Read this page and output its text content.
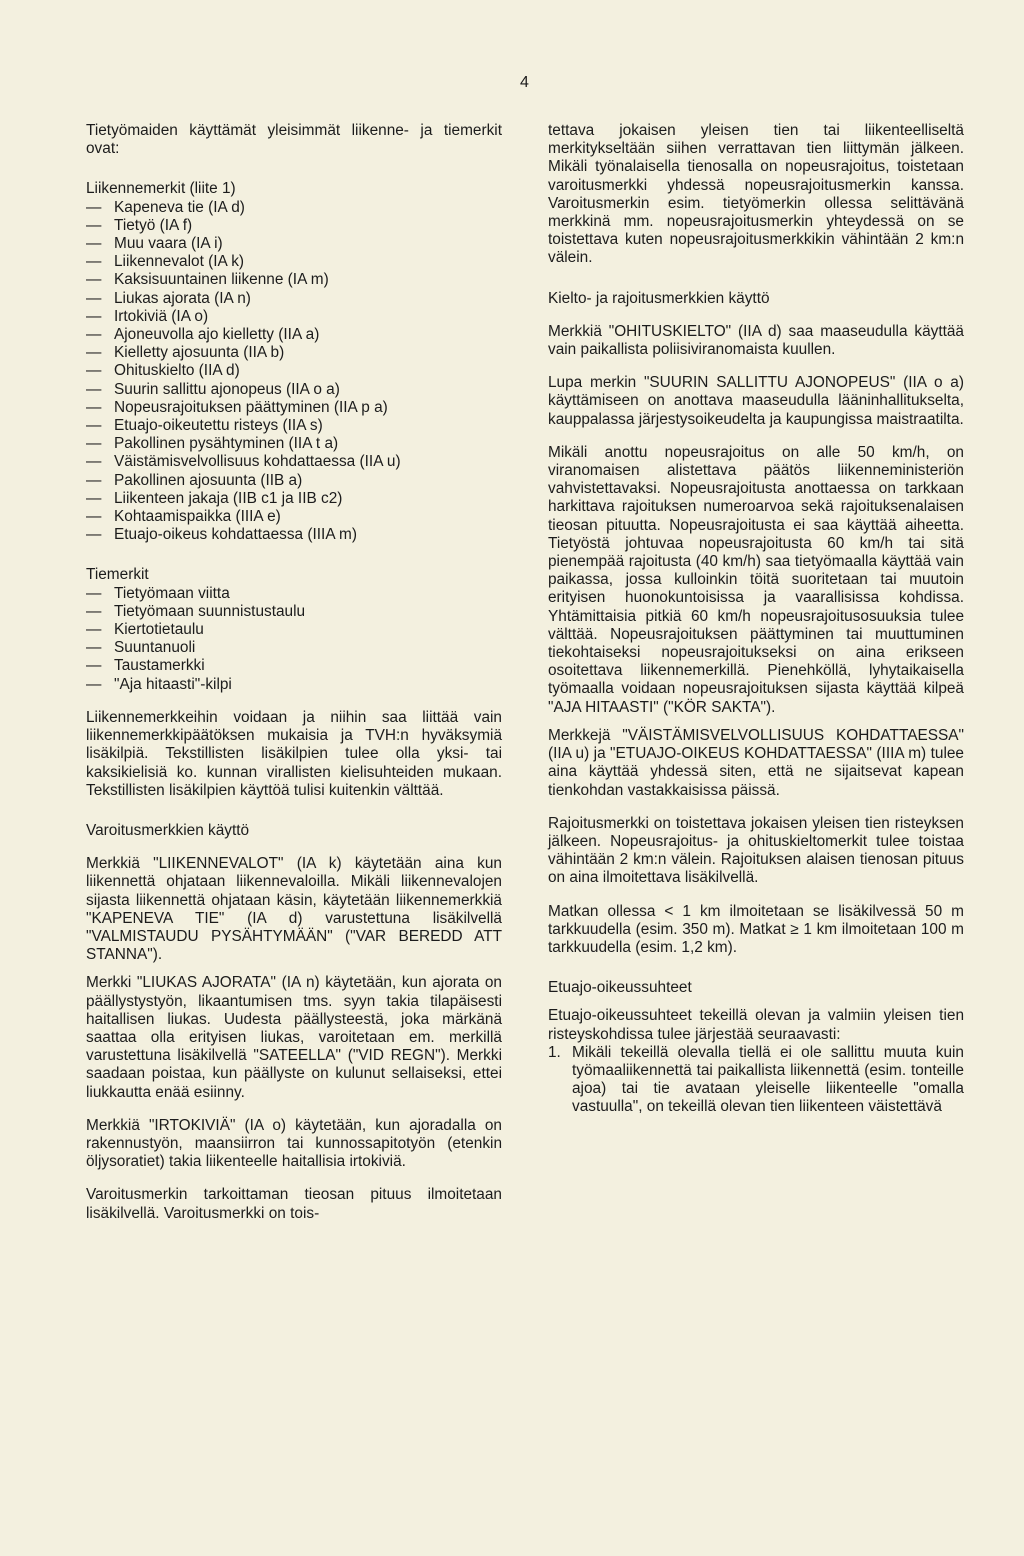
4

Tietyömaiden käyttämät yleisimmät liikenne- ja tiemerkit ovat:

Liikennemerkit (liite 1)

— Kapeneva tie (IA d)
— Tietyö (IA f)
— Muu vaara (IA i)
— Liikennevalot (IA k)
— Kaksisuuntainen liikenne (IA m)
— Liukas ajorata (IA n)
— Irtokiviä (IA o)
— Ajoneuvolla ajo kielletty (IIA a)
— Kielletty ajosuunta (IIA b)
— Ohituskielto (IIA d)
— Suurin sallittu ajonopeus (IIA o a)
— Nopeusrajoituksen päättyminen (IIA p a)
— Etuajo-oikeutettu risteys (IIA s)
— Pakollinen pysähtyminen (IIA t a)
— Väistämisvelvollisuus kohdattaessa (IIA u)
— Pakollinen ajosuunta (IIB a)
— Liikenteen jakaja (IIB c1 ja IIB c2)
— Kohtaamispaikka (IIIA e)
— Etuajo-oikeus kohdattaessa (IIIA m)

Tiemerkit

— Tietyömaan viitta
— Tietyömaan suunnistustaulu
— Kiertotietaulu
— Suuntanuoli
— Taustamerkki
— "Aja hitaasti"-kilpi

Liikennemerkkeihin voidaan ja niihin saa liittää vain liikennemerkkipäätöksen mukaisia ja TVH:n hyväksymiä lisäkilpiä. Tekstillisten lisäkilpien tulee olla yksi- tai kaksikielisiä ko. kunnan virallisten kielisuhteiden mukaan. Tekstillisten lisäkilpien käyttöä tulisi kuitenkin välttää.

Varoitusmerkkien käyttö

Merkkiä "LIIKENNEVALOT" (IA k) käytetään aina kun liikennettä ohjataan liikennevaloilla. Mikäli liikennevalojen sijasta liikennettä ohjataan käsin, käytetään liikennemerkkiä "KAPENEVA TIE" (IA d) varustettuna lisäkilvellä "VALMISTAUDU PYSÄHTYMÄÄN" ("VAR BEREDD ATT STANNA").

Merkki "LIUKAS AJORATA" (IA n) käytetään, kun ajorata on päällystystyön, likaantumisen tms. syyn takia tilapäisesti haitallisen liukas. Uudesta päällysteestä, joka märkänä saattaa olla erityisen liukas, varoitetaan em. merkillä varustettuna lisäkilvellä "SATEELLA" ("VID REGN"). Merkki saadaan poistaa, kun päällyste on kulunut sellaiseksi, ettei liukkautta enää esiinny.

Merkkiä "IRTOKIVIÄ" (IA o) käytetään, kun ajoradalla on rakennustyön, maansiirron tai kunnossapitotyön (etenkin öljysoratiet) takia liikenteelle haitallisia irtokiviä.

Varoitusmerkin tarkoittaman tieosan pituus ilmoitetaan lisäkilvellä. Varoitusmerkki on tois-

tettava jokaisen yleisen tien tai liikenteelliseltä merkitykseltään siihen verrattavan tien liittymän jälkeen. Mikäli työnalaisella tienosalla on nopeusrajoitus, toistetaan varoitusmerkki yhdessä nopeusrajoitusmerkin kanssa. Varoitusmerkin esim. tietyömerkin ollessa selittävänä merkkinä mm. nopeusrajoitusmerkin yhteydessä on se toistettava kuten nopeusrajoitusmerkkikin vähintään 2 km:n välein.

Kielto- ja rajoitusmerkkien käyttö

Merkkiä "OHITUSKIELTO" (IIA d) saa maaseudulla käyttää vain paikallista poliisiviranomaista kuullen.

Lupa merkin "SUURIN SALLITTU AJONOPEUS" (IIA o a) käyttämiseen on anottava maaseudulla lääninhallitukselta, kauppalassa järjestysoikeudelta ja kaupungissa maistraatilta.

Mikäli anottu nopeusrajoitus on alle 50 km/h, on viranomaisen alistettava päätös liikenneministeriön vahvistettavaksi. Nopeusrajoitusta anottaessa on tarkkaan harkittava rajoituksen numeroarvoa sekä rajoituksenalaisen tieosan pituutta. Nopeusrajoitusta ei saa käyttää aiheetta. Tietyöstä johtuvaa nopeusrajoitusta 60 km/h tai sitä pienempää rajoitusta (40 km/h) saa tietyömaalla käyttää vain paikassa, jossa kulloinkin töitä suoritetaan tai muutoin erityisen huonokuntoisissa ja vaarallisissa kohdissa. Yhtämittaisia pitkiä 60 km/h nopeusrajoitusosuuksia tulee välttää. Nopeusrajoituksen päättyminen tai muuttuminen tiekohtaiseksi nopeusrajoitukseksi on aina erikseen osoitettava liikennemerkillä. Pienehköllä, lyhytaikaisella työmaalla voidaan nopeusrajoituksen sijasta käyttää kilpeä "AJA HITAASTI" ("KÖR SAKTA").

Merkkejä "VÄISTÄMISVELVOLLISUUS KOHDATTAESSA" (IIA u) ja "ETUAJO-OIKEUS KOHDATTAESSA" (IIIA m) tulee aina käyttää yhdessä siten, että ne sijaitsevat kapean tienkohdan vastakkaisissa päissä.

Rajoitusmerkki on toistettava jokaisen yleisen tien risteyksen jälkeen. Nopeusrajoitus- ja ohituskieltomerkit tulee toistaa vähintään 2 km:n välein. Rajoituksen alaisen tienosan pituus on aina ilmoitettava lisäkilvellä.

Matkan ollessa < 1 km ilmoitetaan se lisäkilvessä 50 m tarkkuudella (esim. 350 m). Matkat ≥ 1 km ilmoitetaan 100 m tarkkuudella (esim. 1,2 km).

Etuajo-oikeussuhteet

Etuajo-oikeussuhteet tekeillä olevan ja valmiin yleisen tien risteyskohdissa tulee järjestää seuraavasti:

1. Mikäli tekeillä olevalla tiellä ei ole sallittu muuta kuin työmaaliikennettä tai paikallista liikennettä (esim. tonteille ajoa) tai tie avataan yleiselle liikenteelle "omalla vastuulla", on tekeillä olevan tien liikenteen väistettävä
